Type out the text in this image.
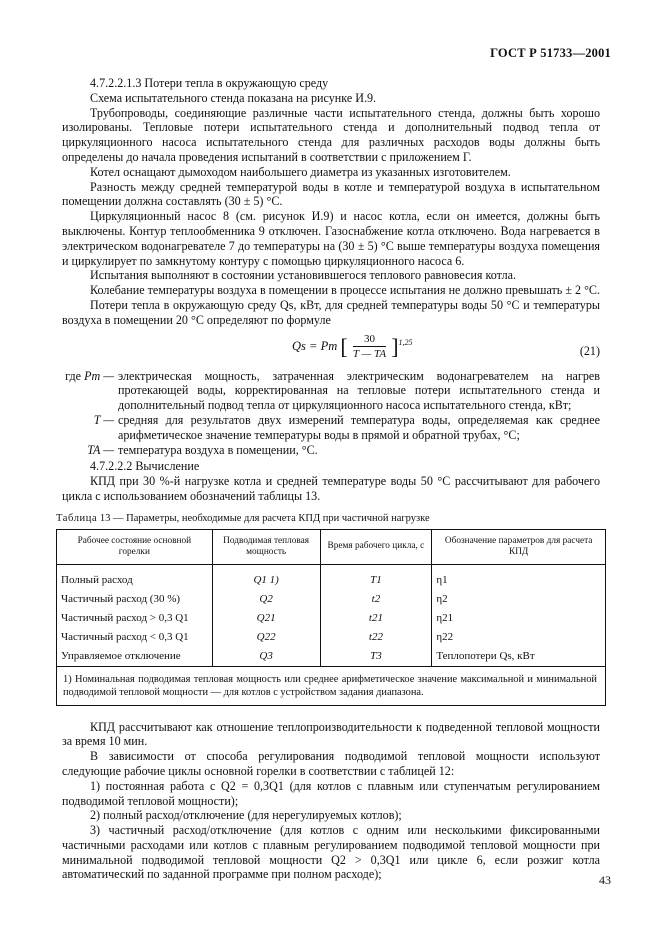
ГОСТ Р 51733—2001

4.7.2.2.1.3 Потери тепла в окружающую среду

Схема испытательного стенда показана на рисунке И.9.

Трубопроводы, соединяющие различные части испытательного стенда, должны быть хорошо изолированы. Тепловые потери испытательного стенда и дополнительный подвод тепла от циркуляционного насоса испытательного стенда для различных расходов воды должны быть определены до начала проведения испытаний в соответствии с приложением Г.

Котел оснащают дымоходом наибольшего диаметра из указанных изготовителем.

Разность между средней температурой воды в котле и температурой воздуха в испытательном помещении должна составлять (30 ± 5) °С.

Циркуляционный насос 8 (см. рисунок И.9) и насос котла, если он имеется, должны быть выключены. Контур теплообменника 9 отключен. Газоснабжение котла отключено. Вода нагревается в электрическом водонагревателе 7 до температуры на (30 ± 5) °С выше температуры воздуха помещения и циркулирует по замкнутому контуру с помощью циркуляционного насоса 6.

Испытания выполняют в состоянии установившегося теплового равновесия котла.

Колебание температуры воздуха в помещении в процессе испытания не должно превышать ± 2 °С.

Потери тепла в окружающую среду Qs, кВт, для средней температуры воды 50 °С и температуры воздуха в помещении 20 °С определяют по формуле

Qs = Pm [ $\frac{30}{T — TA} ]^{1,25}$
(21)
где Pm — электрическая мощность, затраченная электрическим водонагревателем на нагрев протекающей воды, корректированная на тепловые потери испытательного стенда и дополнительный подвод тепла от циркуляционного насоса испытательного стенда, кВт;
T — средняя для результатов двух измерений температура воды, определяемая как среднее арифметическое значение температуры воды в прямой и обратной трубах, °С;
TA — температура воздуха в помещении, °С.

4.7.2.2.2 Вычисление

КПД при 30 %-й нагрузке котла и средней температуре воды 50 °С рассчитывают для рабочего цикла с использованием обозначений таблицы 13.

Таблица 13 — Параметры, необходимые для расчета КПД при частичной нагрузке
Рабочее состояние основной горелки	Подводимая тепловая мощность	Время рабочего цикла, с	Обозначение параметров для расчета КПД
Полный расход	Q1 1)	T1	η1
Частичный расход (30 %)	Q2	t2	η2
Частичный расход > 0,3 Q1	Q21	t21	η21
Частичный расход < 0,3 Q1	Q22	t22	η22
Управляемое отключение	Q3	T3	Теплопотери Qs, кВт
1) Номинальная подводимая тепловая мощность или среднее арифметическое значение максимальной и минимальной подводимой тепловой мощности — для котлов с устройством задания диапазона.			

КПД рассчитывают как отношение теплопроизводительности к подведенной тепловой мощности за время 10 мин.

В зависимости от способа регулирования подводимой тепловой мощности используют следующие рабочие циклы основной горелки в соответствии с таблицей 12:

1) постоянная работа с Q2 = 0,3Q1 (для котлов с плавным или ступенчатым регулированием подводимой тепловой мощности);

2) полный расход/отключение (для нерегулируемых котлов);

3) частичный расход/отключение (для котлов с одним или несколькими фиксированными частичными расходами или котлов с плавным регулированием подводимой тепловой мощности при минимальной подводимой тепловой мощности Q2 > 0,3Q1 или цикле 6, если розжиг котла автоматический по заданной программе при полном расходе);	43
